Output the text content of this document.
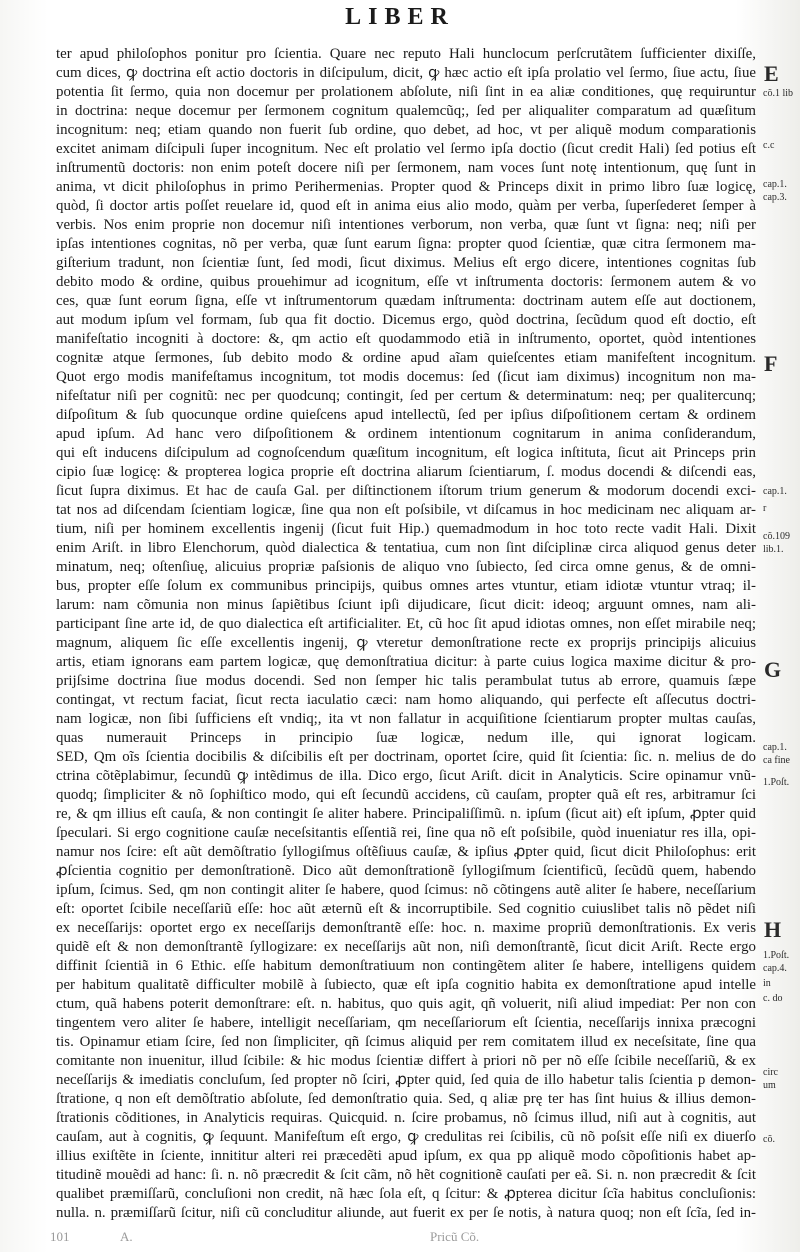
LIBER
ter apud philoſophos ponitur pro ſcientia. Quare nec reputo Hali hunclocum perſcrutãtem ſufficienter dixiſſe,
cum dices, ꝙ doctrina eſt actio doctoris in diſcipulum, dicit, ꝙ hæc actio eſt ipſa prolatio vel ſermo, ſiue actu, ſiue
potentia ſit ſermo, quia non docemur per prolationem abſolute, niſi ſint in ea aliæ conditiones, quę requiruntur
in doctrina: neque docemur per ſermonem cognitum qualemcũq;, ſed per aliqualiter comparatum ad quæſitum
incognitum: neq; etiam quando non fuerit ſub ordine, quo debet, ad hoc, vt per aliquẽ modum comparationis
excitet animam diſcipuli ſuper incognitum. Nec eſt prolatio vel ſermo ipſa doctio (ſicut credit Hali) ſed potius eſt
inſtrumentũ doctoris: non enim poteſt docere niſi per ſermonem, nam voces ſunt notę intentionum, quę ſunt in
anima, vt dicit philoſophus in primo Perihermenias. Propter quod & Princeps dixit in primo libro ſuæ logicę,
quòd, ſi doctor artis poſſet reuelare id, quod eſt in anima eius alio modo, quàm per verba, ſuperſederet ſemper à
verbis. Nos enim proprie non docemur niſi intentiones verborum, non verba, quæ ſunt vt ſigna: neq; niſi per
ipſas intentiones cognitas, nõ per verba, quæ ſunt earum ſigna: propter quod ſcientiæ, quæ citra ſermonem ma-
giſterium tradunt, non ſcientiæ ſunt, ſed modi, ſicut diximus. Melius eſt ergo dicere, intentiones cognitas ſub
debito modo & ordine, quibus prouehimur ad icognitum, eſſe vt inſtrumenta doctoris: ſermonem autem & vo
ces, quæ ſunt eorum ſigna, eſſe vt inſtrumentorum quædam inſtrumenta: doctrinam autem eſſe aut doctionem,
aut modum ipſum vel formam, ſub qua fit doctio. Dicemus ergo, quòd doctrina, ſecũdum quod eſt doctio, eſt
manifeſtatio incogniti à doctore: &, qm actio eſt quodammodo etiã in inſtrumento, oportet, quòd intentiones
cognitæ atque ſermones, ſub debito modo & ordine apud aĩam quieſcentes etiam manifeſtent incognitum.
Quot ergo modis manifeſtamus incognitum, tot modis docemus: ſed (ſicut iam diximus) incognitum non ma-
nifeſtatur niſi per cognitũ: nec per quodcunq; contingit, ſed per certum & determinatum: neq; per qualitercunq;
diſpoſitum & ſub quocunque ordine quieſcens apud intellectũ, ſed per ipſius diſpoſitionem certam & ordinem
apud ipſum. Ad hanc vero diſpoſitionem & ordinem intentionum cognitarum in anima conſiderandum,
qui eſt inducens diſcipulum ad cognoſcendum quæſitum incognitum, eſt logica inſtituta, ſicut ait Princeps prin
cipio ſuæ logicę: & propterea logica proprie eſt doctrina aliarum ſcientiarum, ſ. modus docendi & diſcendi eas,
ſicut ſupra diximus. Et hac de cauſa Gal. per diſtinctionem iſtorum trium generum & modorum docendi exci-
tat nos ad diſcendam ſcientiam logicæ, ſine qua non eſt poſsibile, vt diſcamus in hoc medicinam nec aliquam ar-
tium, niſi per hominem excellentis ingenij (ſicut fuit Hip.) quemadmodum in hoc toto recte vadit Hali. Dixit
enim Ariſt. in libro Elenchorum, quòd dialectica & tentatiua, cum non ſint diſciplinæ circa aliquod genus deter
minatum, neq; oſtenſiuę, alicuius propriæ paſsionis de aliquo vno ſubiecto, ſed circa omne genus, & de omni-
bus, propter eſſe ſolum ex communibus principijs, quibus omnes artes vtuntur, etiam idiotæ vtuntur vtraq; il-
larum: nam cõmunia non minus ſapiẽtibus ſciunt ipſi dijudicare, ſicut dicit: ideoq; arguunt omnes, nam ali-
participant ſine arte id, de quo dialectica eſt artificialiter. Et, cũ hoc ſit apud idiotas omnes, non eſſet mirabile neq;
magnum, aliquem ſic eſſe excellentis ingenij, ꝙ vteretur demonſtratione recte ex proprijs principijs alicuius
artis, etiam ignorans eam partem logicæ, quę demonſtratiua dicitur: à parte cuius logica maxime dicitur & pro-
prijſsime doctrina ſiue modus docendi. Sed non ſemper hic talis perambulat tutus ab errore, quamuis ſæpe
contingat, vt rectum faciat, ſicut recta iaculatio cæci: nam homo aliquando, qui perfecte eſt aſſecutus doctri-
nam logicæ, non ſibi ſufficiens eſt vndiq;, ita vt non fallatur in acquiſitione ſcientiarum propter multas cauſas,
quas numerauit Princeps in principio ſuæ logicæ, nedum ille, qui ignorat logicam.
SED, Qm oĩs ſcientia docibilis & diſcibilis eſt per doctrinam, oportet ſcire, quid ſit ſcientia: ſic. n. melius de do
ctrina cõtẽplabimur, ſecundũ ꝙ intẽdimus de illa. Dico ergo, ſicut Ariſt. dicit in Analyticis. Scire opinamur vnũ-
quodq; ſimpliciter & nõ ſophiſtico modo, qui eſt ſecundũ accidens, cũ cauſam, propter quã eſt res, arbitramur ſci
re, & qm illius eſt cauſa, & non contingit ſe aliter habere. Principaliſſimũ. n. ipſum (ſicut ait) eſt ipſum, ꝓpter quid
ſpeculari. Si ergo cognitione cauſæ neceſsitantis eſſentiã rei, ſine qua nõ eſt poſsibile, quòd inueniatur res illa, opi-
namur nos ſcire: eſt aũt demõſtratio ſyllogiſmus oſtẽſiuus cauſæ, & ipſius ꝓpter quid, ſicut dicit Philoſophus: erit
ꝓſcientia cognitio per demonſtrationẽ. Dico aũt demonſtrationẽ ſyllogiſmum ſcientificũ, ſecũdũ quem, habendo
ipſum, ſcimus. Sed, qm non contingit aliter ſe habere, quod ſcimus: nõ cõtingens autẽ aliter ſe habere, neceſſarium
eſt: oportet ſcibile neceſſariũ eſſe: hoc aũt æternũ eſt & incorruptibile. Sed cognitio cuiuslibet talis nõ pẽdet niſi
ex neceſſarijs: oportet ergo ex neceſſarijs demonſtrantẽ eſſe: hoc. n. maxime propriũ demonſtrationis. Ex veris
quidẽ eſt & non demonſtrantẽ ſyllogizare: ex neceſſarijs aũt non, niſi demonſtrantẽ, ſicut dicit Ariſt. Recte ergo
diffinit ſcientiã in 6 Ethic. eſſe habitum demonſtratiuum non contingẽtem aliter ſe habere, intelligens quidem
per habitum qualitatẽ difficulter mobilẽ à ſubiecto, quæ eſt ipſa cognitio habita ex demonſtratione apud intelle
ctum, quã habens poterit demonſtrare: eſt. n. habitus, quo quis agit, qñ voluerit, niſi aliud impediat: Per non con
tingentem vero aliter ſe habere, intelligit neceſſariam, qm neceſſariorum eſt ſcientia, neceſſarijs innixa præcogni
tis. Opinamur etiam ſcire, ſed non ſimpliciter, qñ ſcimus aliquid per rem comitatem illud ex neceſsitate, ſine qua
comitante non inuenitur, illud ſcibile: & hic modus ſcientiæ differt à priori nõ per nõ eſſe ſcibile neceſſariũ, & ex
neceſſarijs & imediatis concluſum, ſed propter nõ ſciri, ꝓpter quid, ſed quia de illo habetur talis ſcientia p demon-
ſtratione, q non eſt demõſtratio abſolute, ſed demonſtratio quia. Sed, q aliæ prę ter has ſint huius & illius demon-
ſtrationis cõditiones, in Analyticis requiras. Quicquid. n. ſcire probamus, nõ ſcimus illud, niſi aut à cognitis, aut
cauſam, aut à cognitis, ꝙ ſequunt. Manifeſtum eſt ergo, ꝙ credulitas rei ſcibilis, cũ nõ poſsit eſſe niſi ex diuerſo
illius exiſtẽte in ſciente, innititur alteri rei præcedẽti apud ipſum, ex qua pp aliquẽ modo cõpoſitionis habet ap-
titudinẽ mouẽdi ad hanc: ſi. n. nõ præcredit & ſcit cãm, nõ hẽt cognitionẽ cauſati per eã. Si. n. non præcredit & ſcit
qualibet præmiſſarũ, concluſioni non credit, nã hæc ſola eſt, q ſcitur: & ꝓpterea dicitur ſcĩa habitus concluſionis:
nulla. n. præmiſſarũ ſcitur, niſi cũ concluditur aliunde, aut fuerit ex per ſe notis, à natura quoq; non eſt ſcĩa, ſed in-
E
cõ.1 lib
c.c
cap.1.
cap.3.
F
cap.1.
r
cõ.109
lib.1.
G
cap.1.
ca fine
1.Poſt.
H
1.Poſt.
cap.4.
in
c. do
circ
um
cõ.
101	A.	Pricũ Cõ.
